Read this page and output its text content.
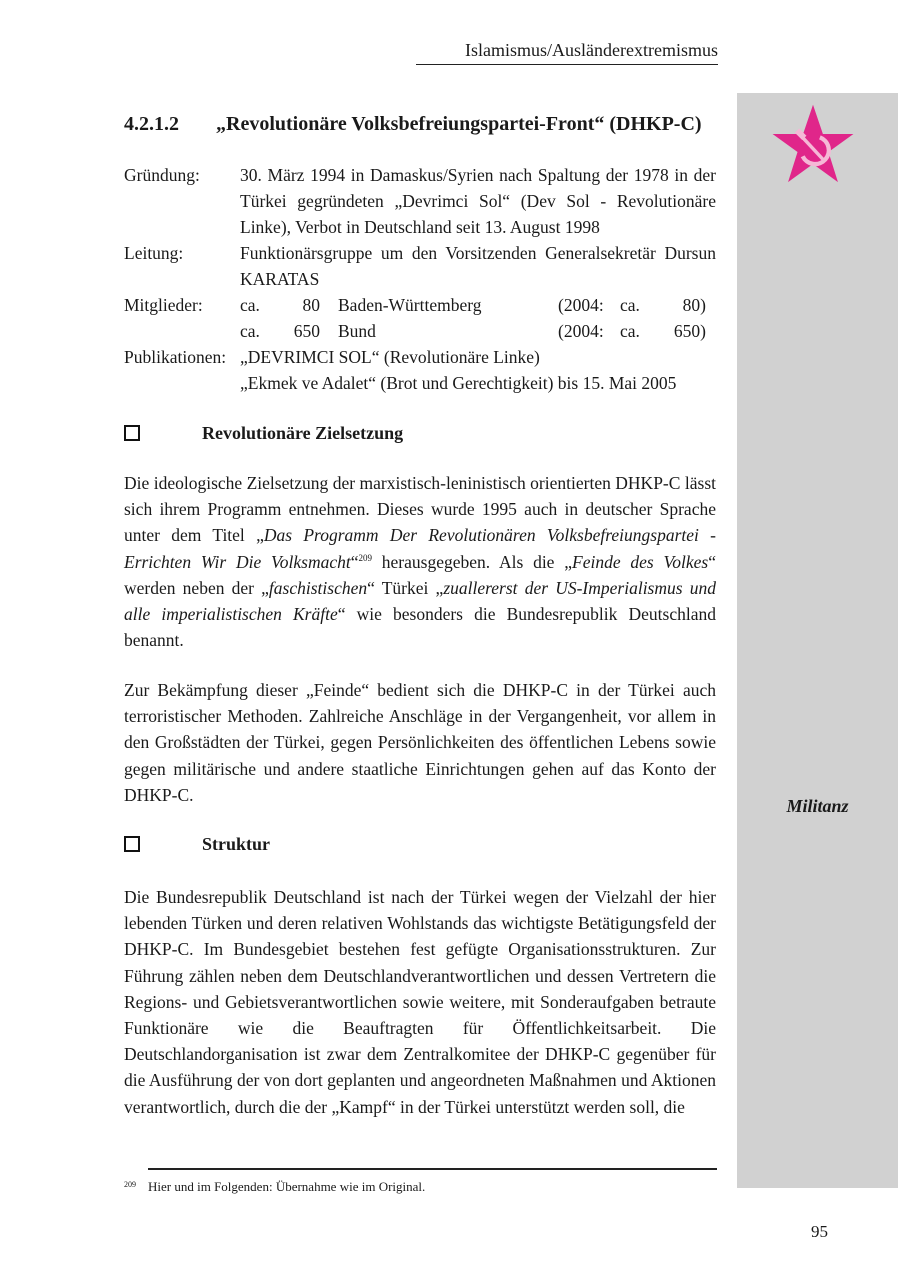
Islamismus/Ausländerextremismus
Militanz
4.2.1.2 „Revolutionäre Volksbefreiungspartei-Front“ (DHKP-C)
Gründung:	30. März 1994 in Damaskus/Syrien nach Spaltung der 1978 in der Türkei gegründeten „Devrimci Sol“ (Dev Sol - Revolutionäre Linke), Verbot in Deutschland seit 13. August 1998
Leitung:	Funktionärsgruppe um den Vorsitzenden Generalsekretär Dursun KARATAS
Mitglieder:	ca.	80	Baden-Württemberg	(2004: ca.	80)
ca.	650	Bund	(2004: ca.	650)
Publikationen: „DEVRIMCI SOL“ (Revolutionäre Linke)
„Ekmek ve Adalet“ (Brot und Gerechtigkeit) bis 15. Mai 2005
Revolutionäre Zielsetzung

Die ideologische Zielsetzung der marxistisch-leninistisch orientierten DHKP-C lässt sich ihrem Programm entnehmen. Dieses wurde 1995 auch in deutscher Sprache unter dem Titel „Das Programm Der Revolutionären Volksbefreiungspartei - Errichten Wir Die Volksmacht“$^{209}$ herausgegeben. Als die „Feinde des Volkes“ werden neben der „faschistischen“ Türkei „zuallererst der US-Imperialismus und alle imperialistischen Kräfte“ wie besonders die Bundesrepublik Deutschland benannt.

Zur Bekämpfung dieser „Feinde“ bedient sich die DHKP-C in der Türkei auch terroristischer Methoden. Zahlreiche Anschläge in der Vergangenheit, vor allem in den Großstädten der Türkei, gegen Persönlichkeiten des öffentlichen Lebens sowie gegen militärische und andere staatliche Einrichtungen gehen auf das Konto der DHKP-C.

Struktur

Die Bundesrepublik Deutschland ist nach der Türkei wegen der Vielzahl der hier lebenden Türken und deren relativen Wohlstands das wichtigste Betätigungsfeld der DHKP-C. Im Bundesgebiet bestehen fest gefügte Organisationsstrukturen. Zur Führung zählen neben dem Deutschlandverantwortlichen und dessen Vertretern die Regions- und Gebietsverantwortlichen sowie weitere, mit Sonderaufgaben betraute Funktionäre wie die Beauftragten für Öffentlichkeitsarbeit. Die Deutschlandorganisation ist zwar dem Zentralkomitee der DHKP-C gegenüber für die Ausführung der von dort geplanten und angeordneten Maßnahmen und Aktionen verantwortlich, durch die der „Kampf“ in der Türkei unterstützt werden soll, die

209 Hier und im Folgenden: Übernahme wie im Original.
95
